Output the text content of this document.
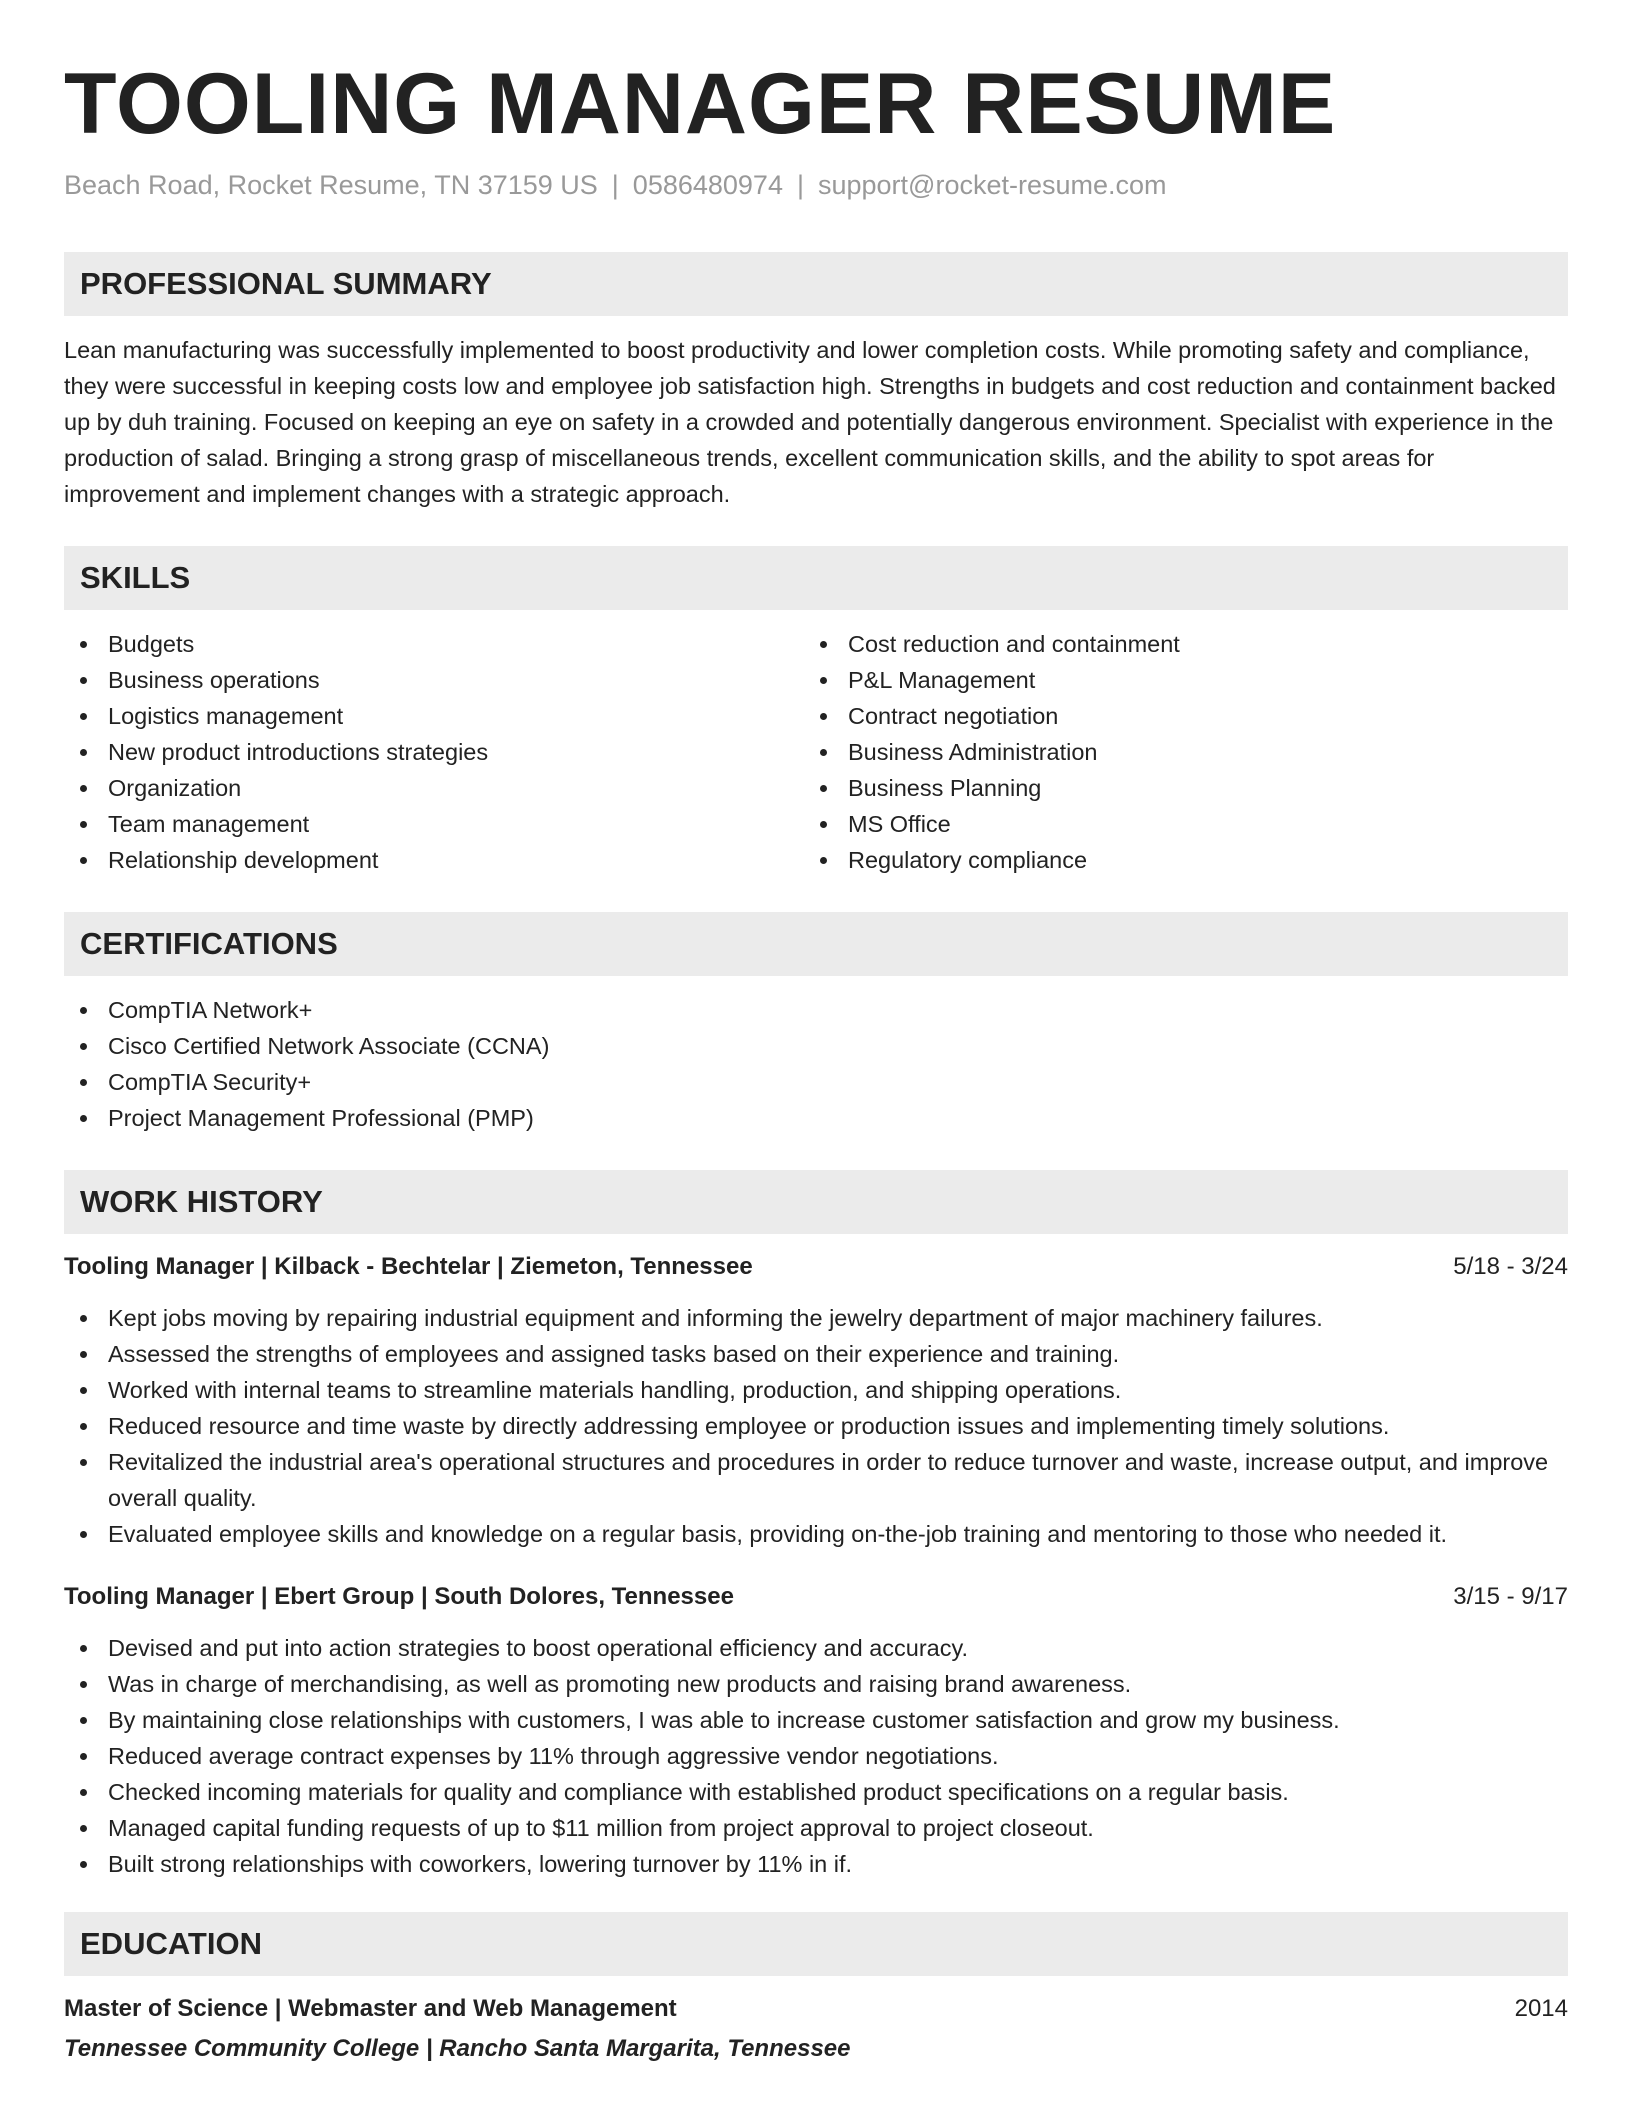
TOOLING MANAGER RESUME
Beach Road, Rocket Resume, TN 37159 US | 0586480974 | support@rocket-resume.com
PROFESSIONAL SUMMARY
Lean manufacturing was successfully implemented to boost productivity and lower completion costs. While promoting safety and compliance, they were successful in keeping costs low and employee job satisfaction high. Strengths in budgets and cost reduction and containment backed up by duh training. Focused on keeping an eye on safety in a crowded and potentially dangerous environment. Specialist with experience in the production of salad. Bringing a strong grasp of miscellaneous trends, excellent communication skills, and the ability to spot areas for improvement and implement changes with a strategic approach.
SKILLS
Budgets
Business operations
Logistics management
New product introductions strategies
Organization
Team management
Relationship development
Cost reduction and containment
P&L Management
Contract negotiation
Business Administration
Business Planning
MS Office
Regulatory compliance
CERTIFICATIONS
CompTIA Network+
Cisco Certified Network Associate (CCNA)
CompTIA Security+
Project Management Professional (PMP)
WORK HISTORY
Tooling Manager | Kilback - Bechtelar | Ziemeton, Tennessee	5/18 - 3/24
Kept jobs moving by repairing industrial equipment and informing the jewelry department of major machinery failures.
Assessed the strengths of employees and assigned tasks based on their experience and training.
Worked with internal teams to streamline materials handling, production, and shipping operations.
Reduced resource and time waste by directly addressing employee or production issues and implementing timely solutions.
Revitalized the industrial area's operational structures and procedures in order to reduce turnover and waste, increase output, and improve overall quality.
Evaluated employee skills and knowledge on a regular basis, providing on-the-job training and mentoring to those who needed it.
Tooling Manager | Ebert Group | South Dolores, Tennessee	3/15 - 9/17
Devised and put into action strategies to boost operational efficiency and accuracy.
Was in charge of merchandising, as well as promoting new products and raising brand awareness.
By maintaining close relationships with customers, I was able to increase customer satisfaction and grow my business.
Reduced average contract expenses by 11% through aggressive vendor negotiations.
Checked incoming materials for quality and compliance with established product specifications on a regular basis.
Managed capital funding requests of up to $11 million from project approval to project closeout.
Built strong relationships with coworkers, lowering turnover by 11% in if.
EDUCATION
Master of Science | Webmaster and Web Management	2014
Tennessee Community College | Rancho Santa Margarita, Tennessee
